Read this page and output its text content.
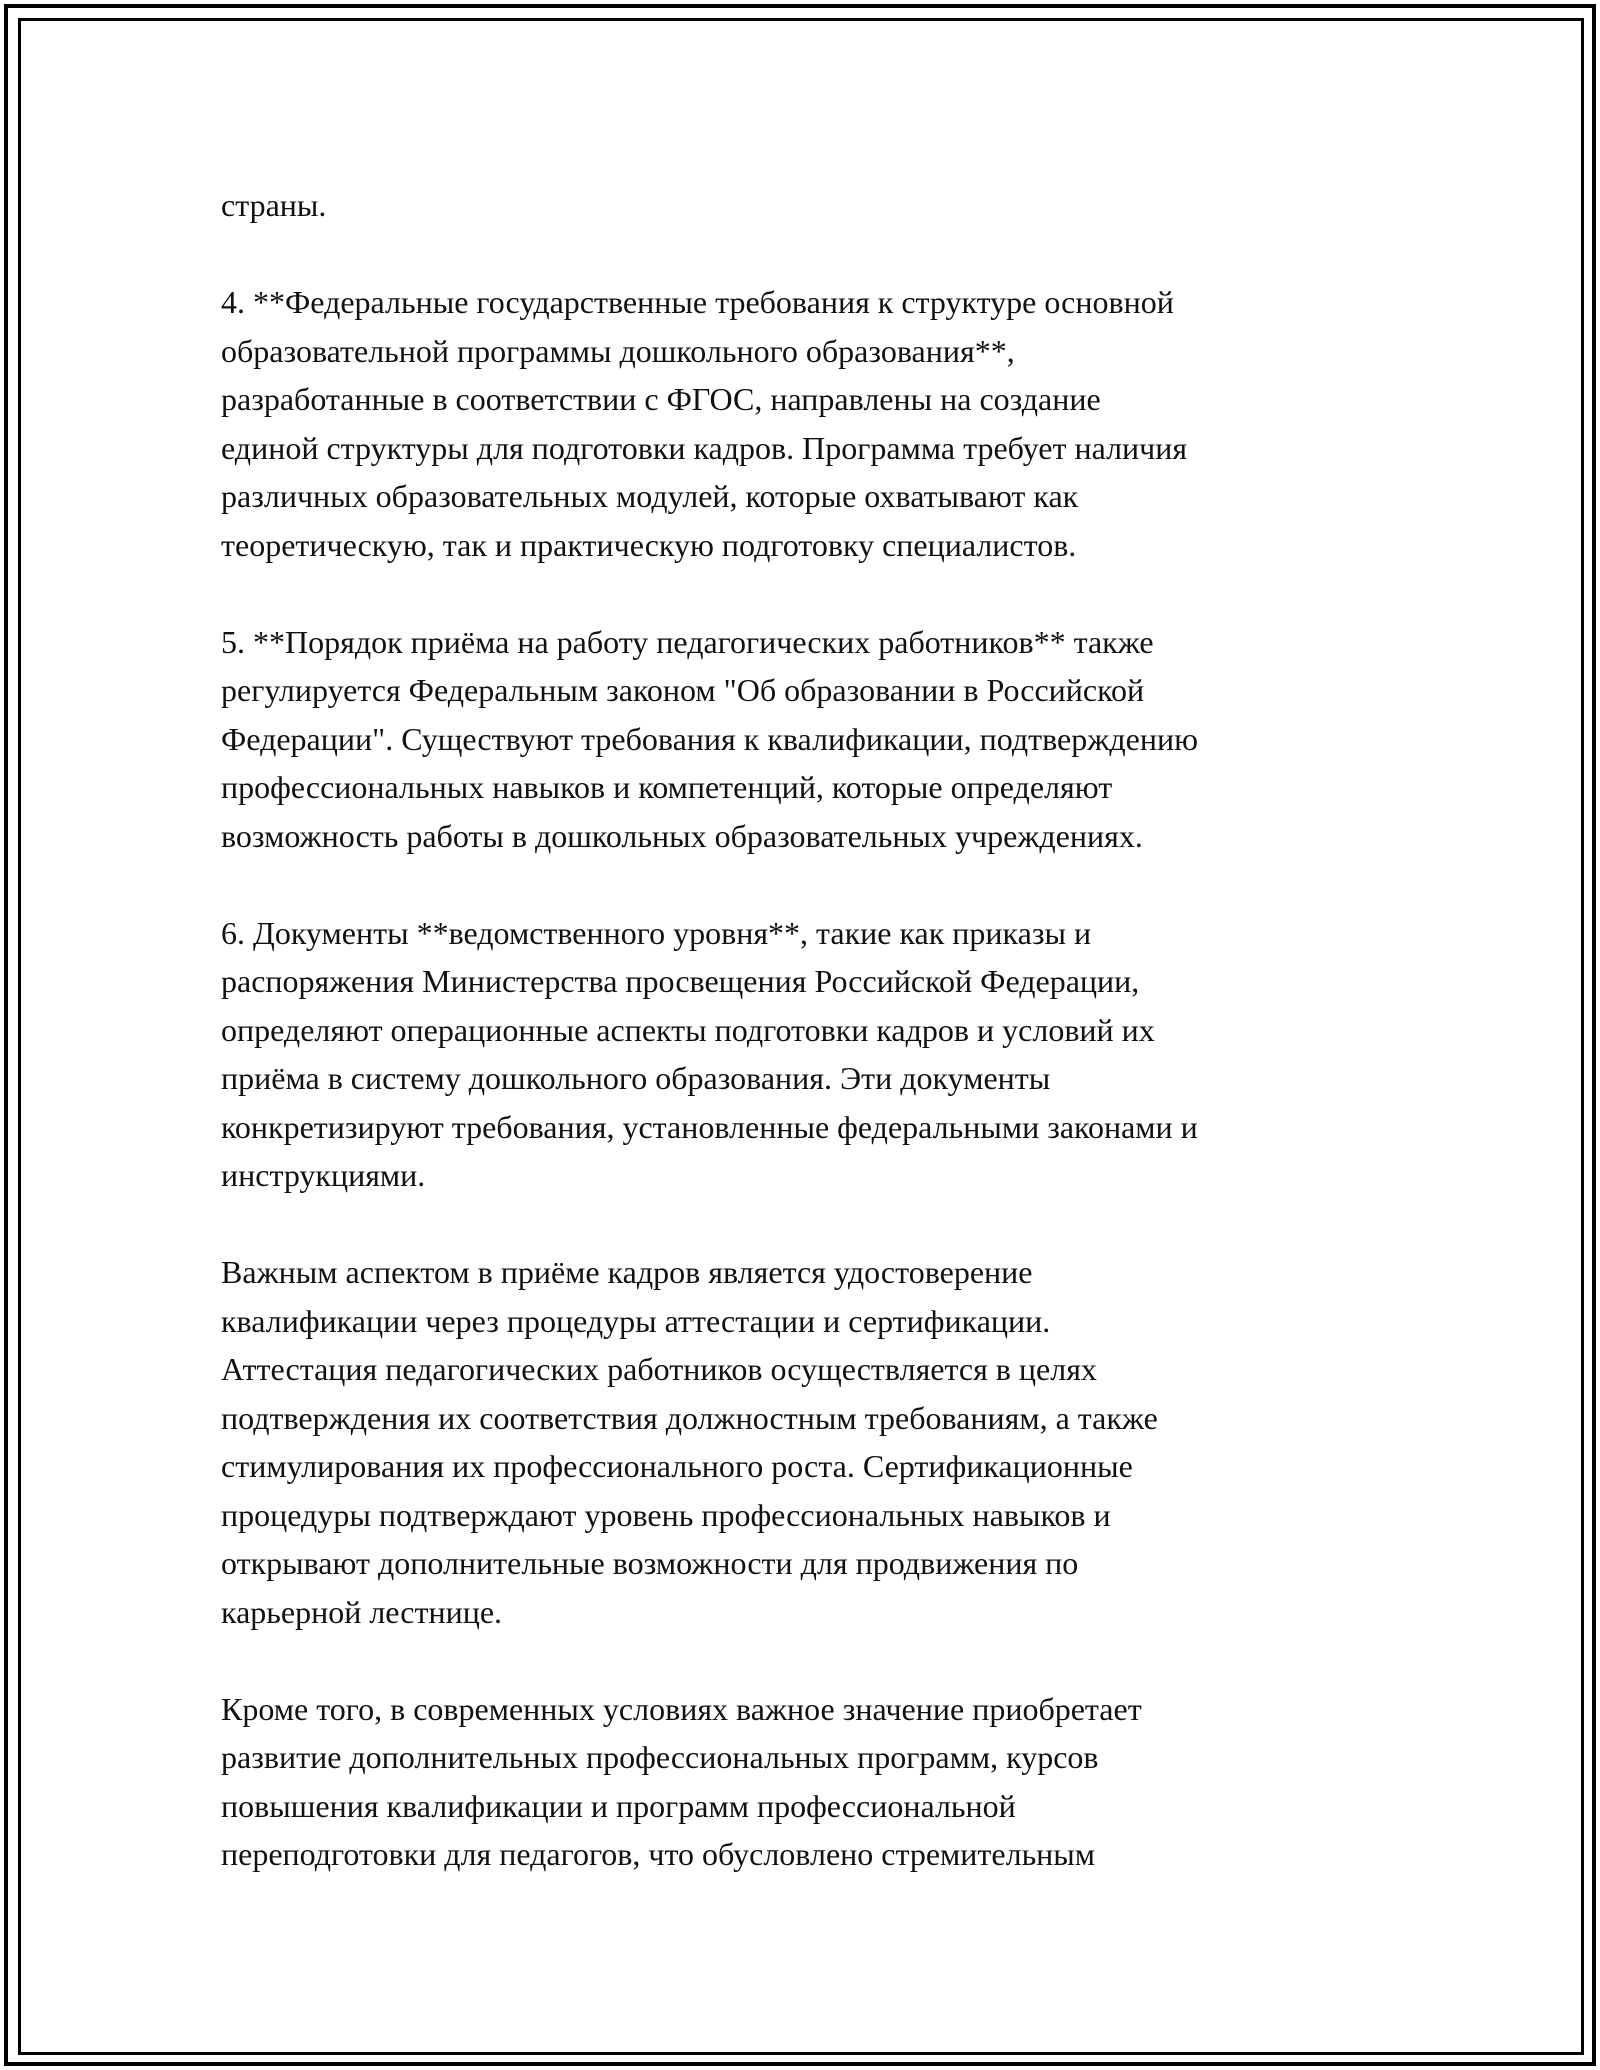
страны.
4. **Федеральные государственные требования к структуре основной
образовательной программы дошкольного образования**,
разработанные в соответствии с ФГОС, направлены на создание
единой структуры для подготовки кадров. Программа требует наличия
различных образовательных модулей, которые охватывают как
теоретическую, так и практическую подготовку специалистов.
5. **Порядок приёма на работу педагогических работников** также
регулируется Федеральным законом "Об образовании в Российской
Федерации". Существуют требования к квалификации, подтверждению
профессиональных навыков и компетенций, которые определяют
возможность работы в дошкольных образовательных учреждениях.
6. Документы **ведомственного уровня**, такие как приказы и
распоряжения Министерства просвещения Российской Федерации,
определяют операционные аспекты подготовки кадров и условий их
приёма в систему дошкольного образования. Эти документы
конкретизируют требования, установленные федеральными законами и
инструкциями.
Важным аспектом в приёме кадров является удостоверение
квалификации через процедуры аттестации и сертификации.
Аттестация педагогических работников осуществляется в целях
подтверждения их соответствия должностным требованиям, а также
стимулирования их профессионального роста. Сертификационные
процедуры подтверждают уровень профессиональных навыков и
открывают дополнительные возможности для продвижения по
карьерной лестнице.
Кроме того, в современных условиях важное значение приобретает
развитие дополнительных профессиональных программ, курсов
повышения квалификации и программ профессиональной
переподготовки для педагогов, что обусловлено стремительным
